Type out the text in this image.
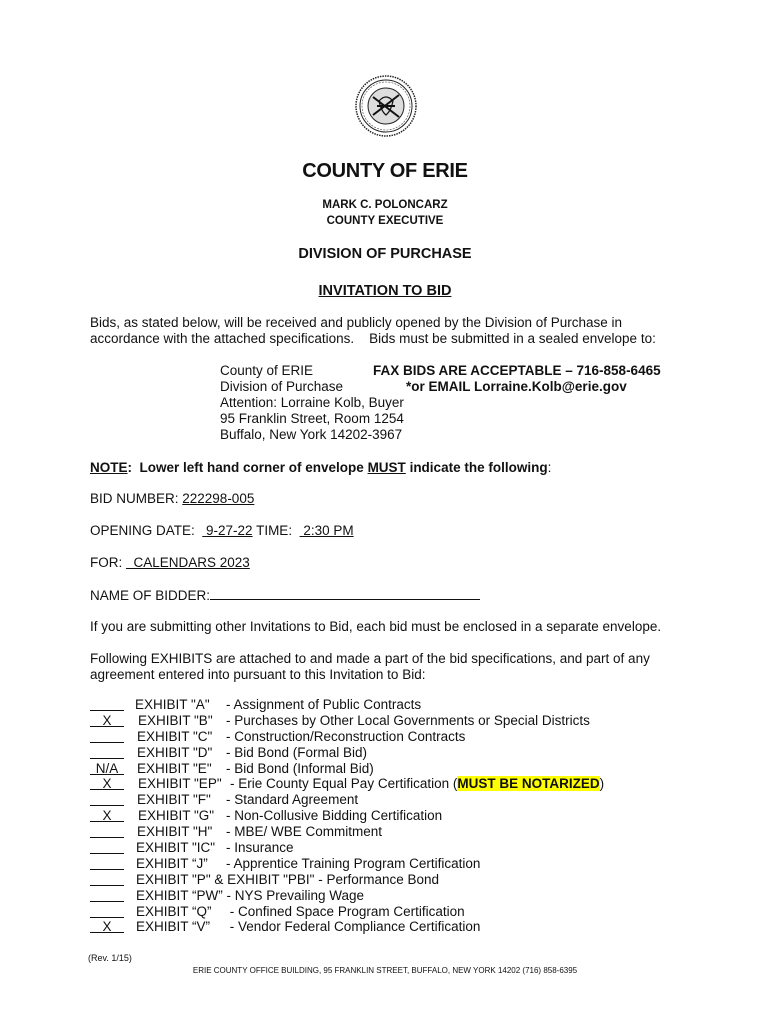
COUNTY OF ERIE
MARK C. POLONCARZ
COUNTY EXECUTIVE
DIVISION OF PURCHASE
INVITATION TO BID
Bids, as stated below, will be received and publicly opened by the Division of Purchase in
accordance with the attached specifications.    Bids must be submitted in a sealed envelope to:
County of ERIE
Division of Purchase
Attention: Lorraine Kolb, Buyer
95 Franklin Street, Room 1254
Buffalo, New York 14202-3967
FAX BIDS ARE ACCEPTABLE – 716-858-6465
*or EMAIL Lorraine.Kolb@erie.gov
NOTE:  Lower left hand corner of envelope MUST indicate the following:
BID NUMBER: 222298-005
OPENING DATE:   9-27-22 TIME:   2:30 PM
FOR:   CALENDARS 2023
NAME OF BIDDER:
If you are submitting other Invitations to Bid, each bid must be enclosed in a separate envelope.
Following EXHIBITS are attached to and made a part of the bid specifications, and part of any
agreement entered into pursuant to this Invitation to Bid:
EXHIBIT "A" - Assignment of Public Contracts
X	EXHIBIT "B" - Purchases by Other Local Governments or Special Districts
EXHIBIT "C" - Construction/Reconstruction Contracts
EXHIBIT "D" - Bid Bond (Formal Bid)
N/A	EXHIBIT "E" - Bid Bond (Informal Bid)
X	EXHIBIT "EP" - Erie County Equal Pay Certification (MUST BE NOTARIZED)
EXHIBIT "F" - Standard Agreement
X	EXHIBIT "G" - Non-Collusive Bidding Certification
EXHIBIT "H" - MBE/ WBE Commitment
EXHIBIT "IC" - Insurance
EXHIBIT “J” - Apprentice Training Program Certification
EXHIBIT "P" & EXHIBIT "PBI" - Performance Bond
EXHIBIT “PW” - NYS Prevailing Wage
EXHIBIT “Q” - Confined Space Program Certification
X	EXHIBIT “V” - Vendor Federal Compliance Certification
(Rev. 1/15)
ERIE COUNTY OFFICE BUILDING, 95 FRANKLIN STREET, BUFFALO, NEW YORK 14202 (716) 858-6395
